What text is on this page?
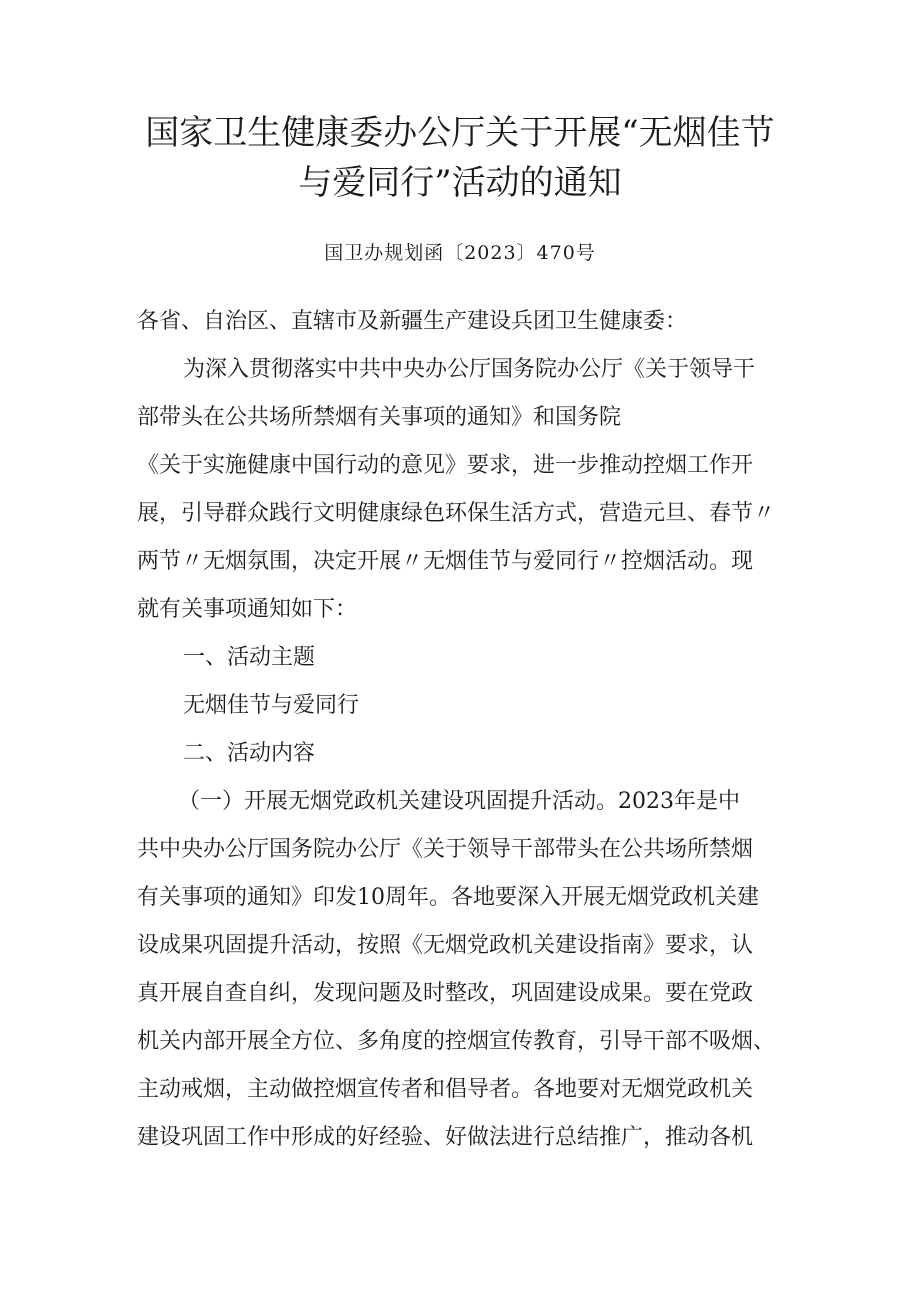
国家卫生健康委办公厅关于开展“无烟佳节
与爱同行”活动的通知
国卫办规划函〔2023〕470号

各省、自治区、直辖市及新疆生产建设兵团卫生健康委：

为深入贯彻落实中共中央办公厅国务院办公厅《关于领导干

部带头在公共场所禁烟有关事项的通知》和国务院

《关于实施健康中国行动的意见》要求，进一步推动控烟工作开

展，引导群众践行文明健康绿色环保生活方式，营造元旦、春节〃

两节〃无烟氛围，决定开展〃无烟佳节与爱同行〃控烟活动。现

就有关事项通知如下：

一、活动主题

无烟佳节与爱同行

二、活动内容

（一）开展无烟党政机关建设巩固提升活动。2023年是中

共中央办公厅国务院办公厅《关于领导干部带头在公共场所禁烟

有关事项的通知》印发10周年。各地要深入开展无烟党政机关建

设成果巩固提升活动，按照《无烟党政机关建设指南》要求，认

真开展自查自纠，发现问题及时整改，巩固建设成果。要在党政

机关内部开展全方位、多角度的控烟宣传教育，引导干部不吸烟、

主动戒烟，主动做控烟宣传者和倡导者。各地要对无烟党政机关

建设巩固工作中形成的好经验、好做法进行总结推广，推动各机
